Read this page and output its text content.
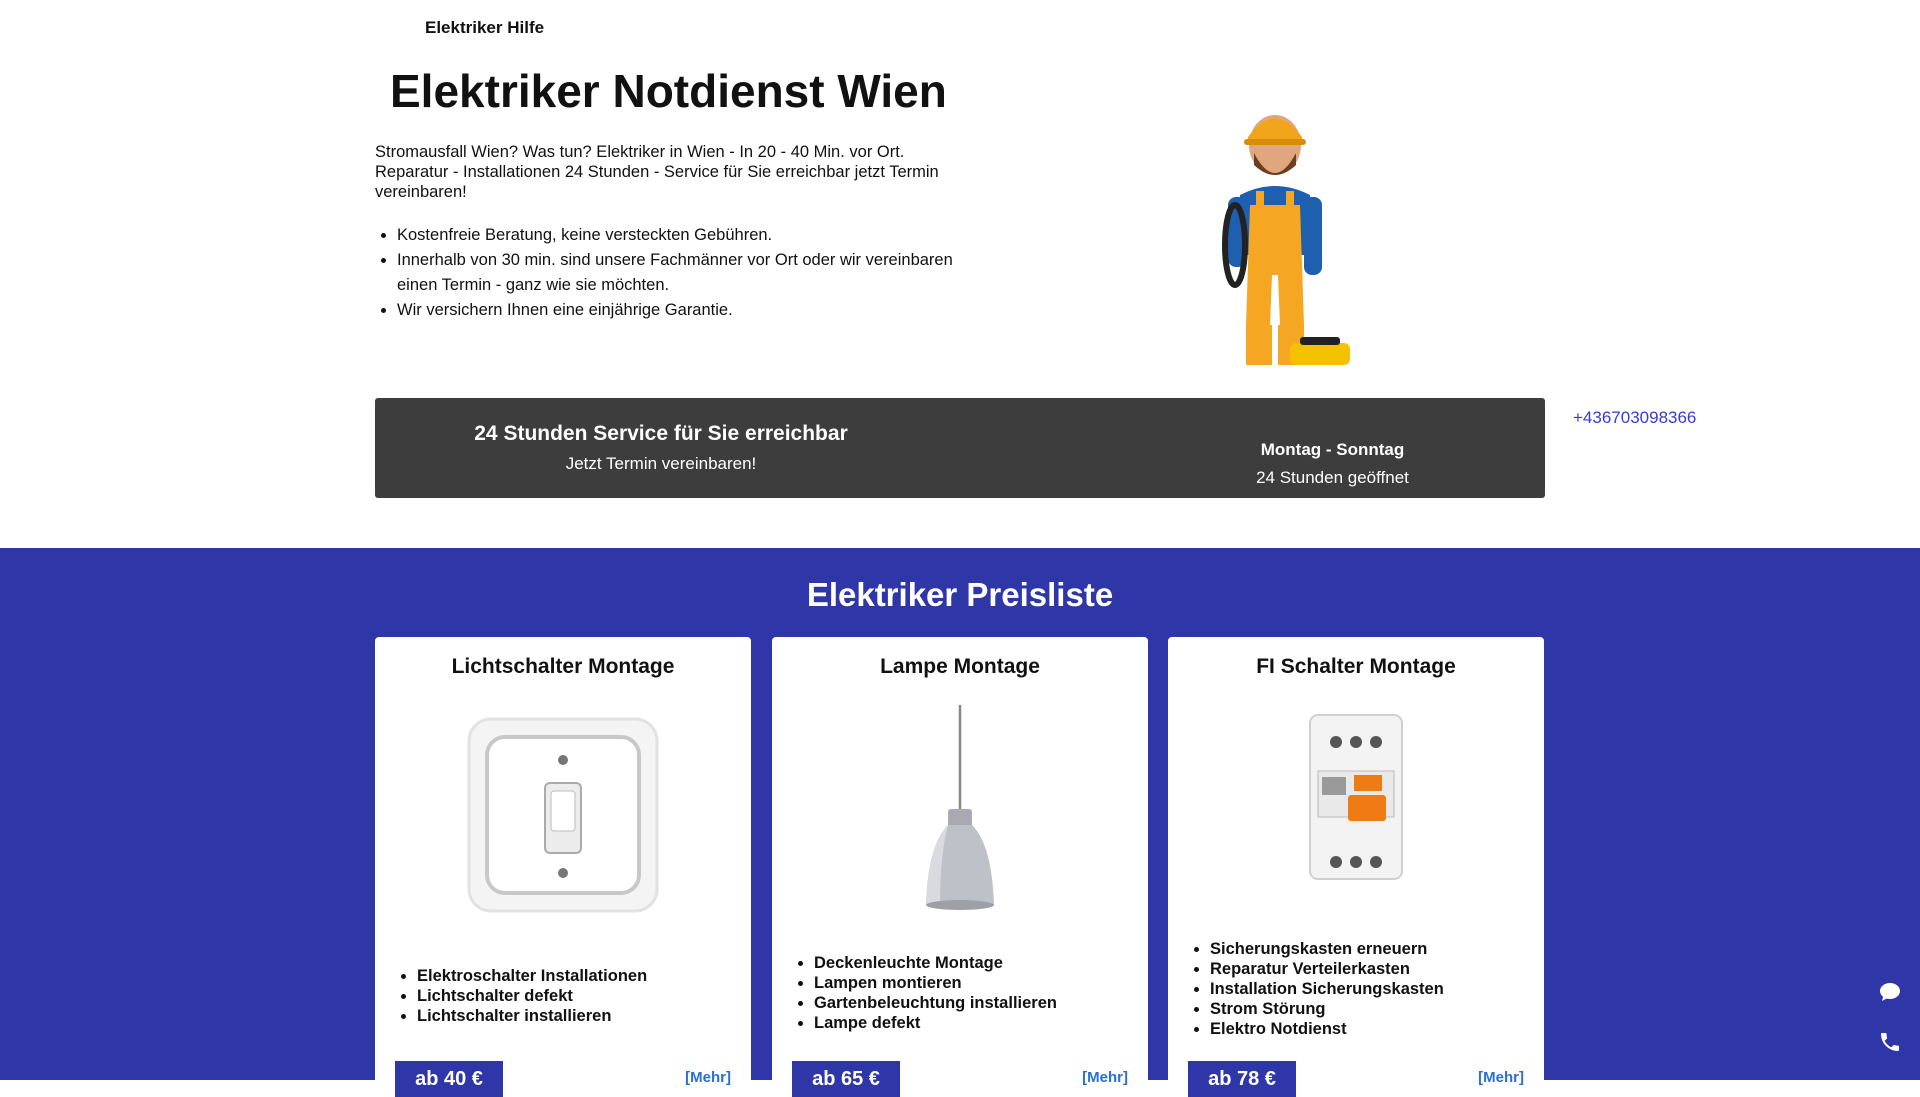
Elektriker Hilfe
Elektriker Notdienst Wien

Stromausfall Wien? Was tun? Elektriker in Wien - In 20 - 40 Min. vor Ort. Reparatur - Installationen 24 Stunden - Service für Sie erreichbar jetzt Termin vereinbaren!

• Kostenfreie Beratung, keine versteckten Gebühren.
• Innerhalb von 30 min. sind unsere Fachmänner vor Ort oder wir vereinbaren einen Termin - ganz wie sie möchten.
• Wir versichern Ihnen eine einjährige Garantie.
24 Stunden Service für Sie erreichbar
Jetzt Termin vereinbaren!
+436703098366
Montag - Sonntag
24 Stunden geöffnet
Elektriker Preisliste
Lichtschalter Montage
• Elektroschalter Installationen
• Lichtschalter defekt
• Lichtschalter installieren
ab 40 €	[Mehr]
Lampe Montage
• Deckenleuchte Montage
• Lampen montieren
• Gartenbeleuchtung installieren
• Lampe defekt
ab 65 €	[Mehr]
FI Schalter Montage
• Sicherungskasten erneuern
• Reparatur Verteilerkasten
• Installation Sicherungskasten
• Strom Störung
• Elektro Notdienst
ab 78 €	[Mehr]
